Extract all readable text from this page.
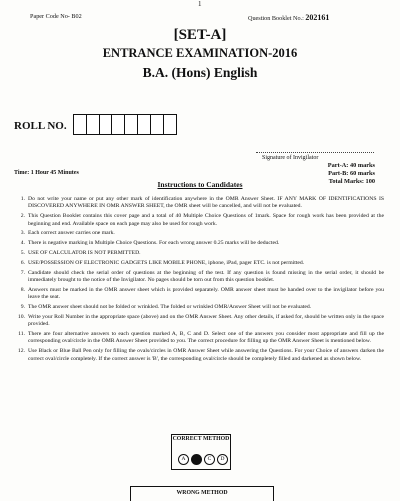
1
Paper Code No- B02	Question Booklet No.: 202161
[SET-A]
ENTRANCE EXAMINATION-2016
B.A. (Hons) English
ROLL NO.
Signature of Invigilator
Time: 1 Hour 45 Minutes
Part-A: 40 marks
Part-B: 60 marks
Total Marks: 100
Instructions to Candidates
1. Do not write your name or put any other mark of identification anywhere in the OMR Answer Sheet. IF ANY MARK OF IDENTIFICATIONS IS DISCOVERED ANYWHERE IN OMR ANSWER SHEET, the OMR sheet will be cancelled, and will not be evaluated.
2. This Question Booklet contains this cover page and a total of 40 Multiple Choice Questions of 1mark. Space for rough work has been provided at the beginning and end. Available space on each page may also be used for rough work.
3. Each correct answer carries one mark.
4. There is negative marking in Multiple Choice Questions. For each wrong answer 0.25 marks will be deducted.
5. USE OF CALCULATOR IS NOT PERMITTED.
6. USE/POSSESSION OF ELECTRONIC GADGETS LIKE MOBILE PHONE, iphone, iPad, pager ETC. is not permitted.
7. Candidate should check the serial order of questions at the beginning of the test. If any question is found missing in the serial order, it should be immediately brought to the notice of the Invigilator. No pages should be torn out from this question booklet.
8. Answers must be marked in the OMR answer sheet which is provided separately. OMR answer sheet must be handed over to the invigilator before you leave the seat.
9. The OMR answer sheet should not be folded or wrinkled. The folded or wrinkled OMR/Answer Sheet will not be evaluated.
10. Write your Roll Number in the appropriate space (above) and on the OMR Answer Sheet. Any other details, if asked for, should be written only in the space provided.
11. There are four alternative answers to each question marked A, B, C and D. Select one of the answers you consider most appropriate and fill up the corresponding oval/circle in the OMR Answer Sheet provided to you. The correct procedure for filling up the OMR Answer Sheet is mentioned below.
12. Use Black or Blue Ball Pen only for filling the ovals/circles in OMR Answer Sheet while answering the Questions. For your Choice of answers darken the correct oval/circle completely. If the correct answer is 'B', the corresponding oval/circle should be completely filled and darkened as shown below.
CORRECT METHOD
A	B	C	D
WRONG METHOD
